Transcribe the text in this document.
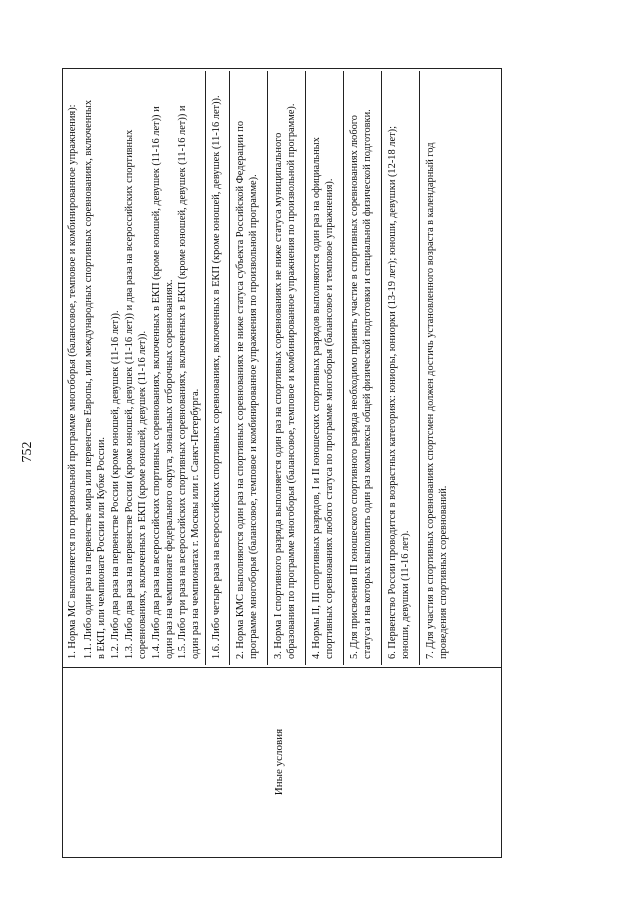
752
Иные условия
1. Норма МС выполняется по произвольной программе многоборья (балансовое, темповое и комбинированное упражнения): 1.1. Либо один раз на первенстве мира или первенстве Европы, или международных спортивных соревнованиях, включенных в ЕКП, или чемпионате России или Кубке России. 1.2. Либо два раза на первенстве России (кроме юношей, девушек (11-16 лет)). 1.3. Либо два раза на первенстве России (кроме юношей, девушек (11-16 лет)) и два раза на всероссийских спортивных соревнованиях, включенных в ЕКП (кроме юношей, девушек (11-16 лет)). 1.4. Либо два раза на всероссийских спортивных соревнованиях, включенных в ЕКП (кроме юношей, девушек (11-16 лет)) и один раз на чемпионате федерального округа, зональных отборочных соревнованиях. 1.5. Либо три раза на всероссийских спортивных соревнованиях, включенных в ЕКП (кроме юношей, девушек (11-16 лет)) и один раз на чемпионатах г. Москвы или г. Санкт-Петербурга. 1.6. Либо четыре раза на всероссийских спортивных соревнованиях, включенных в ЕКП (кроме юношей, девушек (11-16 лет)). 2. Норма КМС выполняются один раз на спортивных соревнованиях не ниже статуса субъекта Российской Федерации по программе многоборья (балансовое, темповое и комбинированное упражнения по произвольной программе). 3. Норма I спортивного разряда выполняется один раз на спортивных соревнованиях не ниже статуса муниципального образования по программе многоборья (балансовое, темповое и комбинированное упражнения по произвольной программе). 4. Нормы II, III спортивных разрядов, I и II юношеских спортивных разрядов выполняются один раз на официальных спортивных соревнованиях любого статуса по программе многоборья (балансовое и темповое упражнения). 5. Для присвоения III юношеского спортивного разряда необходимо принять участие в спортивных соревнованиях любого статуса и на которых выполнить один раз комплексы общей физической подготовки и специальной физической подготовки. 6. Первенство России проводится в возрастных категориях: юниоры, юниорки (13-19 лет); юноши, девушки (12-18 лет); юноши, девушки (11-16 лет). 7. Для участия в спортивных соревнованиях спортсмен должен достичь установленного возраста в календарный год проведения спортивных соревнований.
